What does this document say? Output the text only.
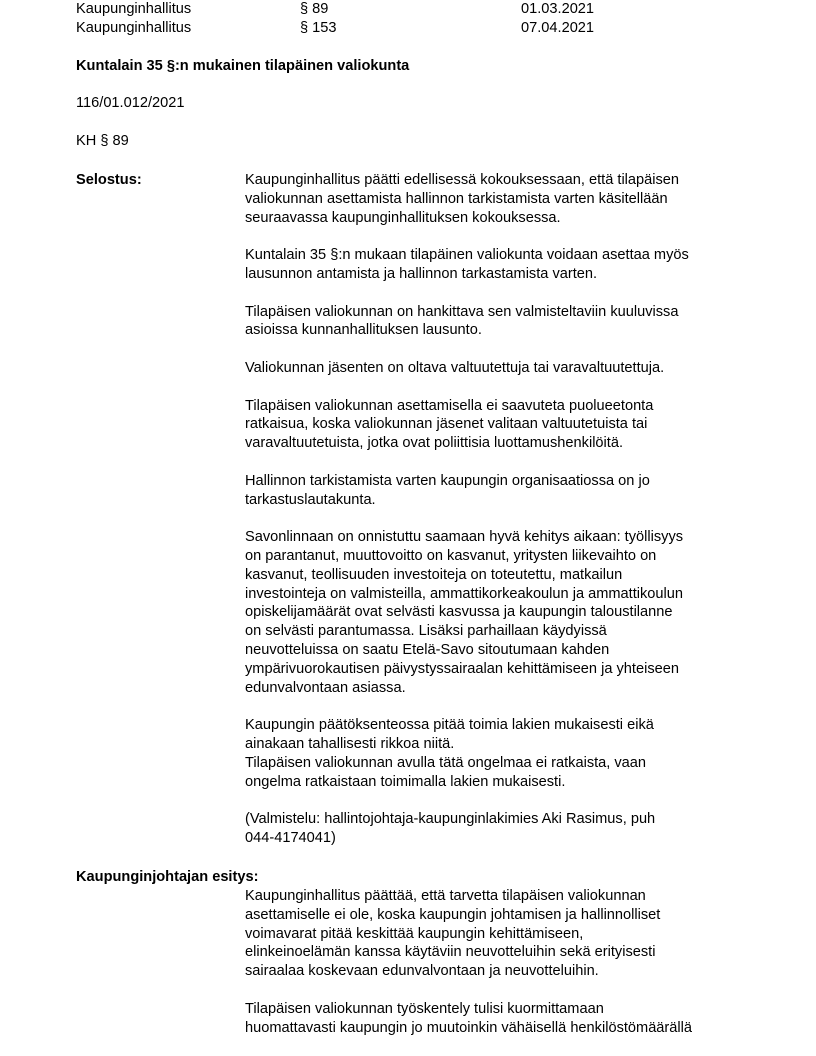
Kaupunginhallitus	§ 89	01.03.2021
Kaupunginhallitus	§ 153	07.04.2021
Kuntalain 35 §:n mukainen tilapäinen valiokunta
116/01.012/2021
KH § 89
Selostus:	Kaupunginhallitus päätti edellisessä kokouksessaan, että tilapäisen
valiokunnan asettamista hallinnon tarkistamista varten käsitellään
seuraavassa kaupunginhallituksen kokouksessa.

Kuntalain 35 §:n mukaan tilapäinen valiokunta voidaan asettaa myös
lausunnon antamista ja hallinnon tarkastamista varten.

Tilapäisen valiokunnan on hankittava sen valmisteltaviin kuuluvissa
asioissa kunnanhallituksen lausunto.

Valiokunnan jäsenten on oltava valtuutettuja tai varavaltuutettuja.

Tilapäisen valiokunnan asettamisella ei saavuteta puolueetonta
ratkaisua, koska valiokunnan jäsenet valitaan valtuutetuista tai
varavaltuutetuista, jotka ovat poliittisia luottamushenkilöitä.

Hallinnon tarkistamista varten kaupungin organisaatiossa on jo
tarkastuslautakunta.

Savonlinnaan on onnistuttu saamaan hyvä kehitys aikaan: työllisyys
on parantanut, muuttovoitto on kasvanut, yritysten liikevaihto on
kasvanut, teollisuuden investoiteja on toteutettu, matkailun
investointeja on valmisteilla, ammattikorkeakoulun ja ammattikoulun
opiskelijamäärät ovat selvästi kasvussa ja kaupungin taloustilanne
on selvästi parantumassa. Lisäksi parhaillaan käydyissä
neuvotteluissa on saatu Etelä-Savo sitoutumaan kahden
ympärivuorokautisen päivystyssairaalan kehittämiseen ja yhteiseen
edunvalvontaan asiassa.

Kaupungin päätöksenteossa pitää toimia lakien mukaisesti eikä
ainakaan tahallisesti rikkoa niitä.
Tilapäisen valiokunnan avulla tätä ongelmaa ei ratkaista, vaan
ongelma ratkaistaan toimimalla lakien mukaisesti.

(Valmistelu: hallintojohtaja-kaupunginlakimies Aki Rasimus, puh
044-4174041)

Kaupunginjohtajan esitys:

Kaupunginhallitus päättää, että tarvetta tilapäisen valiokunnan
asettamiselle ei ole, koska kaupungin johtamisen ja hallinnolliset
voimavarat pitää keskittää kaupungin kehittämiseen,
elinkeinoelämän kanssa käytäviin neuvotteluihin sekä erityisesti
sairaalaa koskevaan edunvalvontaan ja neuvotteluihin.

Tilapäisen valiokunnan työskentely tulisi kuormittamaan
huomattavasti kaupungin jo muutoinkin vähäisellä henkilöstömäärällä
